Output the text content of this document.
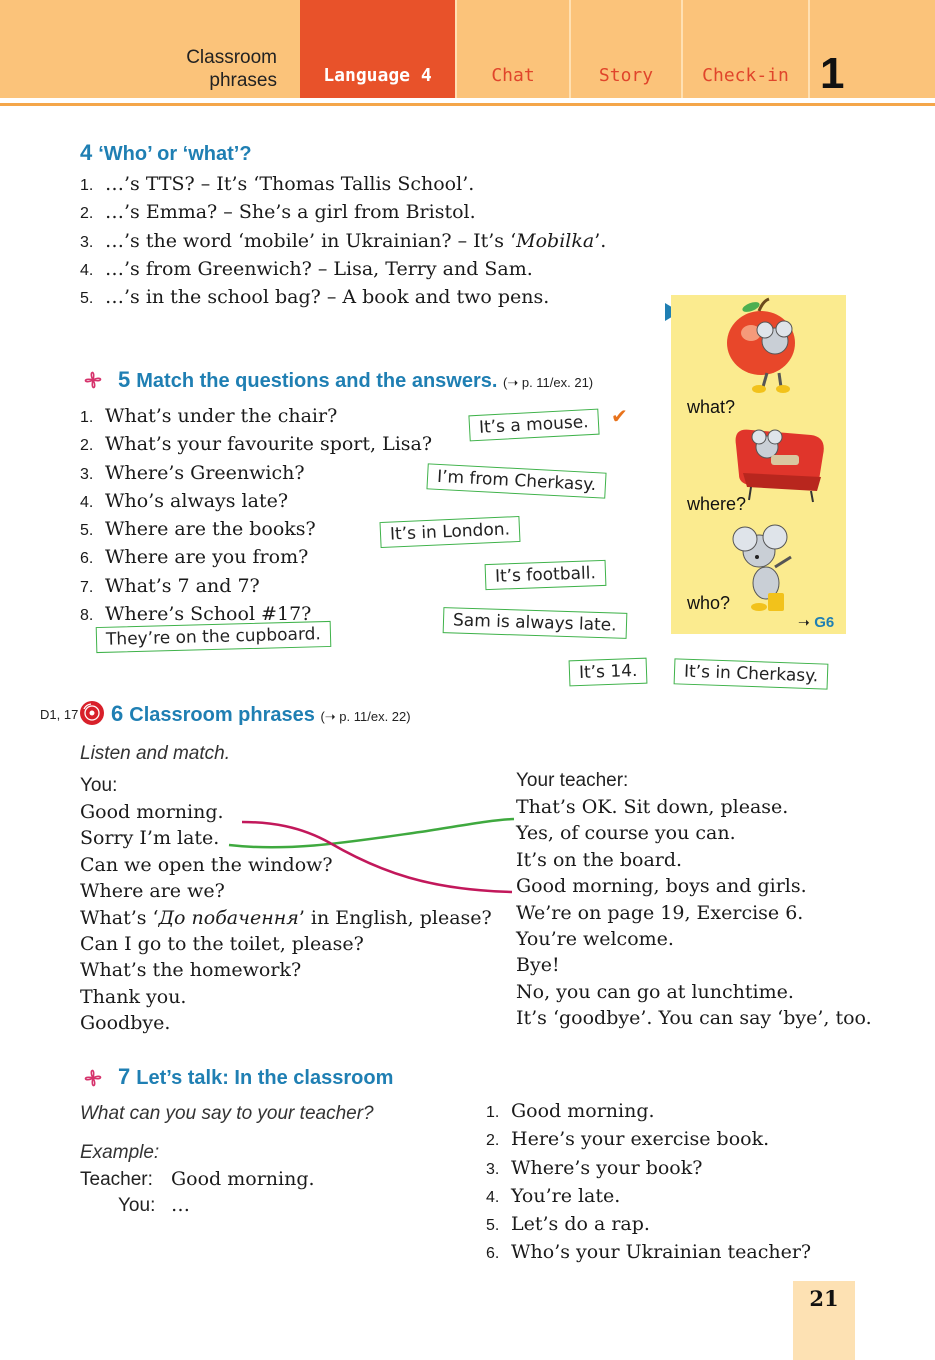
Classroom
phrases	Language 4	Chat	Story	Check-in 1
4 ‘Who’ or ‘what’?
1. …’s TTS? – It’s ‘Thomas Tallis School’.
2. …’s Emma? – She’s a girl from Bristol.
3. …’s the word ‘mobile’ in Ukrainian? – It’s ‘Mobilka’.
4. …’s from Greenwich? – Lisa, Terry and Sam.
5. …’s in the school bag? – A book and two pens.
5 Match the questions and the answers. (➝ p. 11/ex. 21)
1. What’s under the chair?
2. What’s your favourite sport, Lisa?
3. Where’s Greenwich?
4. Who’s always late?
5. Where are the books?
6. Where are you from?
7. What’s 7 and 7?
8. Where’s School #17?
It’s a mouse.	✔
I’m from Cherkasy.
It’s in London.
It’s football.
They’re on the cupboard.
Sam is always late.
It’s 14.	It’s in Cherkasy.
what?
where?
who?
➝ G6
D1, 17 6 Classroom phrases (➝ p. 11/ex. 22)
Listen and match.
You:
Good morning.
Sorry I’m late.
Can we open the window?
Where are we?
What’s ‘До побачення’ in English, please?
Can I go to the toilet, please?
What’s the homework?
Thank you.
Goodbye.
Your teacher:
That’s OK. Sit down, please.
Yes, of course you can.
It’s on the board.
Good morning, boys and girls.
We’re on page 19, Exercise 6.
You’re welcome.
Bye!
No, you can go at lunchtime.
It’s ‘goodbye’. You can say ‘bye’, too.
7 Let’s talk: In the classroom
What can you say to your teacher?
Example:
Teacher: Good morning.
You: …
1. Good morning.
2. Here’s your exercise book.
3. Where’s your book?
4. You’re late.
5. Let’s do a rap.
6. Who’s your Ukrainian teacher?
21
